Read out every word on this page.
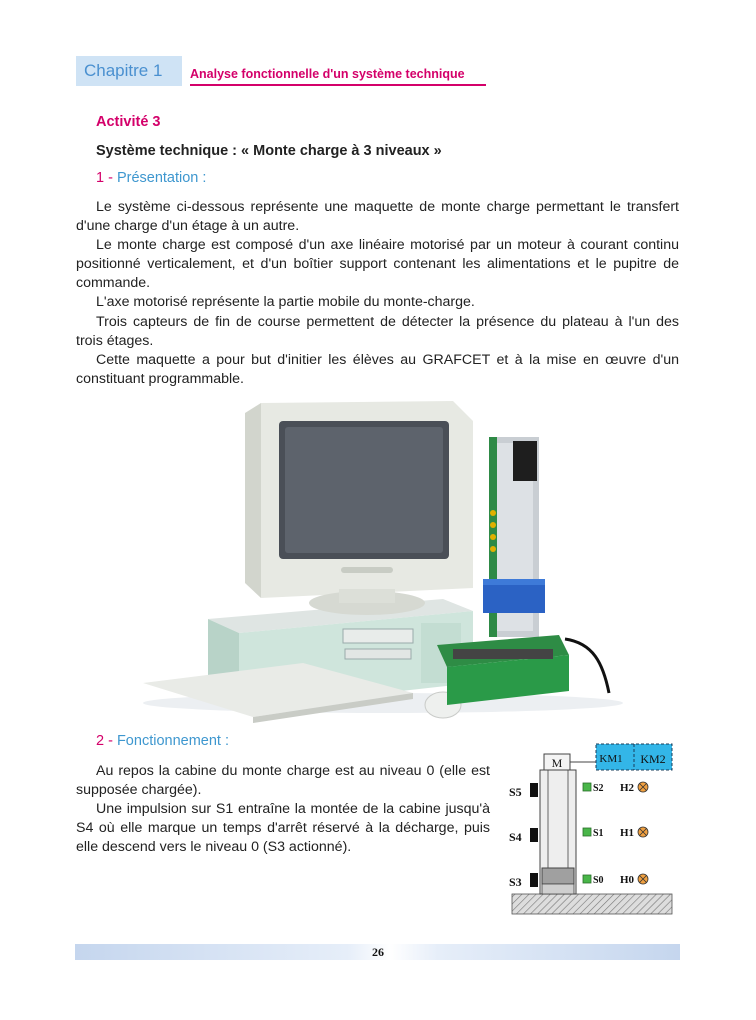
Chapitre 1 Analyse fonctionnelle d'un système technique
Activité 3
Système technique : « Monte charge à 3 niveaux »
1 - Présentation :

Le système ci-dessous représente une maquette de monte charge permettant le transfert d'une charge d'un étage à un autre.

Le monte charge est composé d'un axe linéaire motorisé par un moteur à courant continu positionné verticalement, et d'un boîtier support contenant les alimentations et le pupitre de commande.

L'axe motorisé représente la partie mobile du monte-charge.

Trois capteurs de fin de course permettent de détecter la présence du plateau à l'un des trois étages.

Cette maquette a pour but d'initier les élèves au GRAFCET et à la mise en œuvre d'un constituant programmable.

2 - Fonctionnement :

Au repos la cabine du monte charge est au niveau 0 (elle est supposée chargée).

Une impulsion sur S1 entraîne la montée de la cabine jusqu'à S4 où elle marque un temps d'arrêt réservé à la décharge, puis elle descend vers le niveau 0 (S3 actionné).

M	KM1 KM2
S5
S4
S3
S2 H2
S1 H1
S0 H0
26
